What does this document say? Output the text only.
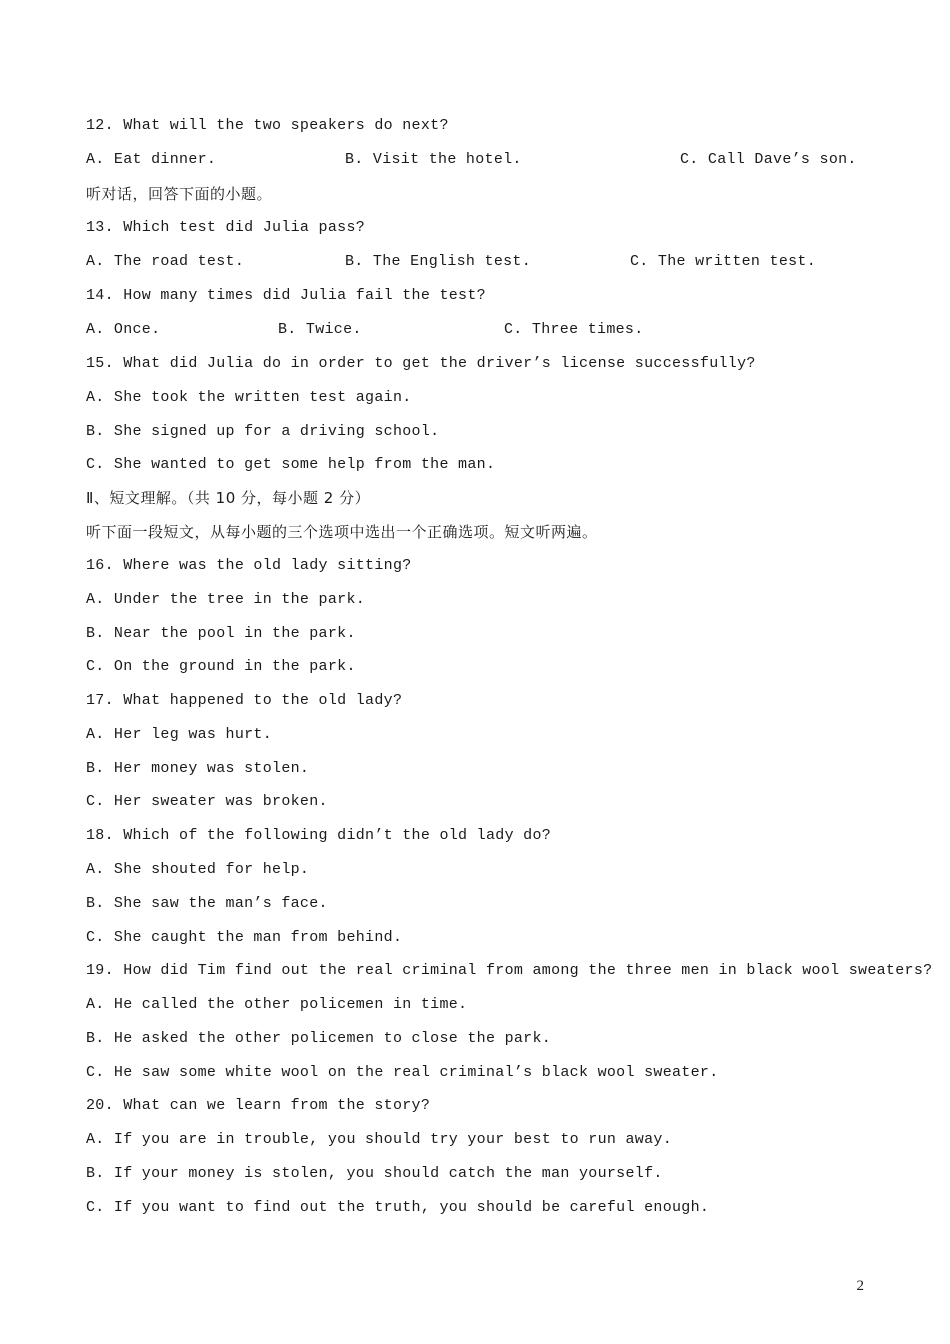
12. What will the two speakers do next?
A. Eat dinner.	B. Visit the hotel.	C. Call Dave’s son.
听对话，回答下面的小题。
13. Which test did Julia pass?
A. The road test.	B. The English test.	C. The written test.
14. How many times did Julia fail the test?
A. Once.	B. Twice.	C. Three times.
15. What did Julia do in order to get the driver’s license successfully?
A. She took the written test again.
B. She signed up for a driving school.
C. She wanted to get some help from the man.
Ⅱ、短文理解。（共 10 分，每小题 2 分）
听下面一段短文，从每小题的三个选项中选出一个正确选项。短文听两遍。
16. Where was the old lady sitting?
A. Under the tree in the park.
B. Near the pool in the park.
C. On the ground in the park.
17. What happened to the old lady?
A. Her leg was hurt.
B. Her money was stolen.
C. Her sweater was broken.
18. Which of the following didn’t the old lady do?
A. She shouted for help.
B. She saw the man’s face.
C. She caught the man from behind.
19. How did Tim find out the real criminal from among the three men in black wool sweaters?
A. He called the other policemen in time.
B. He asked the other policemen to close the park.
C. He saw some white wool on the real criminal’s black wool sweater.
20. What can we learn from the story?
A. If you are in trouble, you should try your best to run away.
B. If your money is stolen, you should catch the man yourself.
C. If you want to find out the truth, you should be careful enough.
2
